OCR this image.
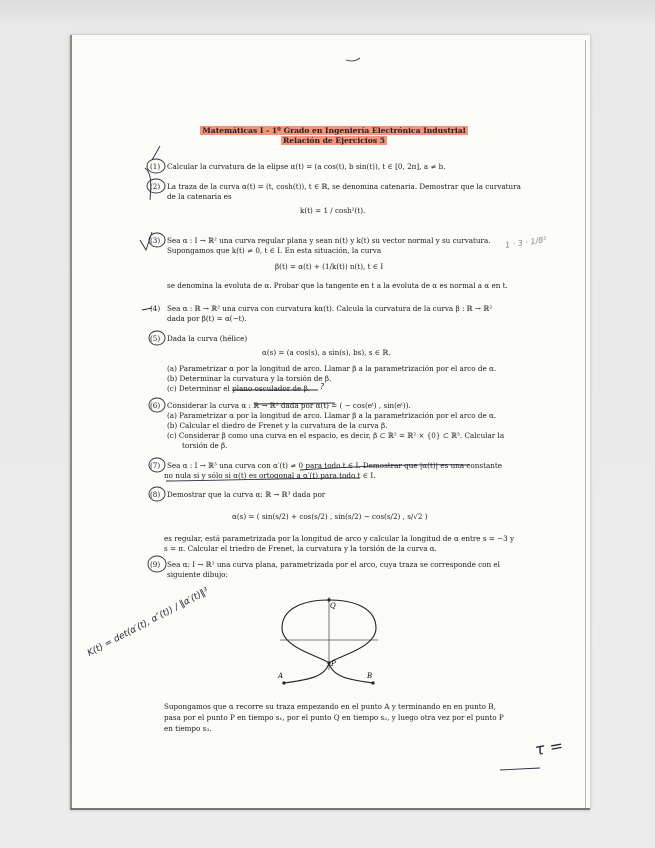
Matemáticas I - 1º Grado en Ingeniería Electrónica Industrial
Relación de Ejercicios 5
(1) Calcular la curvatura de la elipse α(t) = (a cos(t), b sin(t)), t ∈ [0, 2π], a ≠ b.
(2) La traza de la curva α(t) = (t, cosh(t)), t ∈ ℝ, se denomina catenaria. Demostrar que la curvatura
de la catenaria es
k(t) = 1 / cosh²(t).
(3) Sea α : I → ℝ² una curva regular plana y sean n(t) y k(t) su vector normal y su curvatura.
Supongamos que k(t) ≠ 0, t ∈ I. En esta situación, la curva
β(t) = α(t) + (1/k(t)) n(t), t ∈ I
se denomina la evoluta de α. Probar que la tangente en t a la evoluta de α es normal a α en t.
(4) Sea α : ℝ → ℝ² una curva con curvatura kα(t). Calcula la curvatura de la curva β : ℝ → ℝ²
dada por β(t) = α(−t).
(5) Dada la curva (hélice)
α(s) = (a cos(s), a sin(s), bs), s ∈ ℝ.
(a) Parametrizar α por la longitud de arco. Llamar β a la parametrización por el arco de α.
(b) Determinar la curvatura y la torsión de β.
(c) Determinar el plano osculador de β.
(6) Considerar la curva α : ℝ → ℝ² dada por α(t) = ( − cos(eᵗ) , sin(eᵗ)).
(a) Parametrizar α por la longitud de arco. Llamar β a la parametrización por el arco de α.
(b) Calcular el diedro de Frenet y la curvatura de la curva β.
(c) Considerar β como una curva en el espacio, es decir, β ⊂ ℝ² = ℝ² × {0} ⊂ ℝ³. Calcular la
torsión de β.
(7) Sea α : I → ℝ³ una curva con α′(t) ≠ 0 para todo t ∈ I. Demostrar que |α(t)| es una constante
no nula si y sólo si α(t) es ortogonal a α′(t) para todo t ∈ I.
(8) Demostrar que la curva α: ℝ → ℝ³ dada por
α(s) = ( sin(s/2) + cos(s/2) , sin(s/2) − cos(s/2) , s/√2 )
es regular, está parametrizada por la longitud de arco y calcular la longitud de α entre s = −3 y
s = π. Calcular el triedro de Frenet, la curvatura y la torsión de la curva α.
(9) Sea α: I → ℝ² una curva plana, parametrizada por el arco, cuya traza se corresponde con el
siguiente dibujo:
Supongamos que α recorre su traza empezando en el punto A y terminando en en punto B,
pasa por el punto P en tiempo s₁, por el punto Q en tiempo s₂, y luego otra vez por el punto P
en tiempo s₃.
Q
P
A	B
K(t) = det(α′(t), α″(t)) / ‖α′(t)‖³
1 · 3 · 1/8²
τ =
?
